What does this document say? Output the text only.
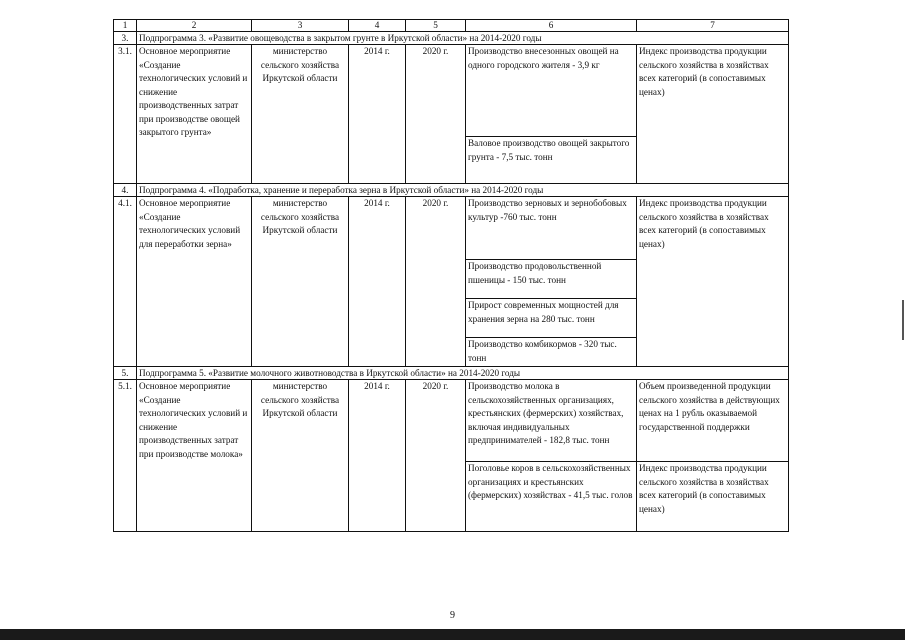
1	2	3	4	5	6	7
3.	Подпрограмма 3. «Развитие овощеводства в закрытом грунте в Иркутской области» на 2014-2020 годы					
3.1.	Основное мероприятие «Создание технологических условий и снижение производственных затрат при производстве овощей закрытого грунта»	министерство сельского хозяйства Иркутской области	2014 г.	2020 г.	Производство внесезонных овощей на одного городского жителя - 3,9 кг	Индекс производства продукции сельского хозяйства в хозяйствах всех категорий (в сопоставимых ценах)
					Валовое производство овощей закрытого грунта - 7,5 тыс. тонн	
4.	Подпрограмма 4. «Подработка, хранение и переработка зерна в Иркутской области» на 2014-2020 годы					
4.1.	Основное мероприятие «Создание технологических условий для переработки зерна»	министерство сельского хозяйства Иркутской области	2014 г.	2020 г.	Производство зерновых и зернобобовых культур -760 тыс. тонн	Индекс производства продукции сельского хозяйства в хозяйствах всех категорий (в сопоставимых ценах)
					Производство продовольственной пшеницы - 150 тыс. тонн	
					Прирост современных мощностей для хранения зерна на 280 тыс. тонн	
					Производство комбикормов - 320 тыс. тонн	
5.	Подпрограмма 5. «Развитие молочного животноводства в Иркутской области» на 2014-2020 годы					
5.1.	Основное мероприятие «Создание технологических условий и снижение производственных затрат при производстве молока»	министерство сельского хозяйства Иркутской области	2014 г.	2020 г.	Производство молока в сельскохозяйственных организациях, крестьянских (фермерских) хозяйствах, включая индивидуальных предпринимателей - 182,8 тыс. тонн	Объем произведенной продукции сельского хозяйства в действующих ценах на 1 рубль оказываемой государственной поддержки
					Поголовье коров в сельскохозяйственных организациях и крестьянских (фермерских) хозяйствах - 41,5 тыс. голов	Индекс производства продукции сельского хозяйства в хозяйствах всех категорий (в сопоставимых ценах)
9
